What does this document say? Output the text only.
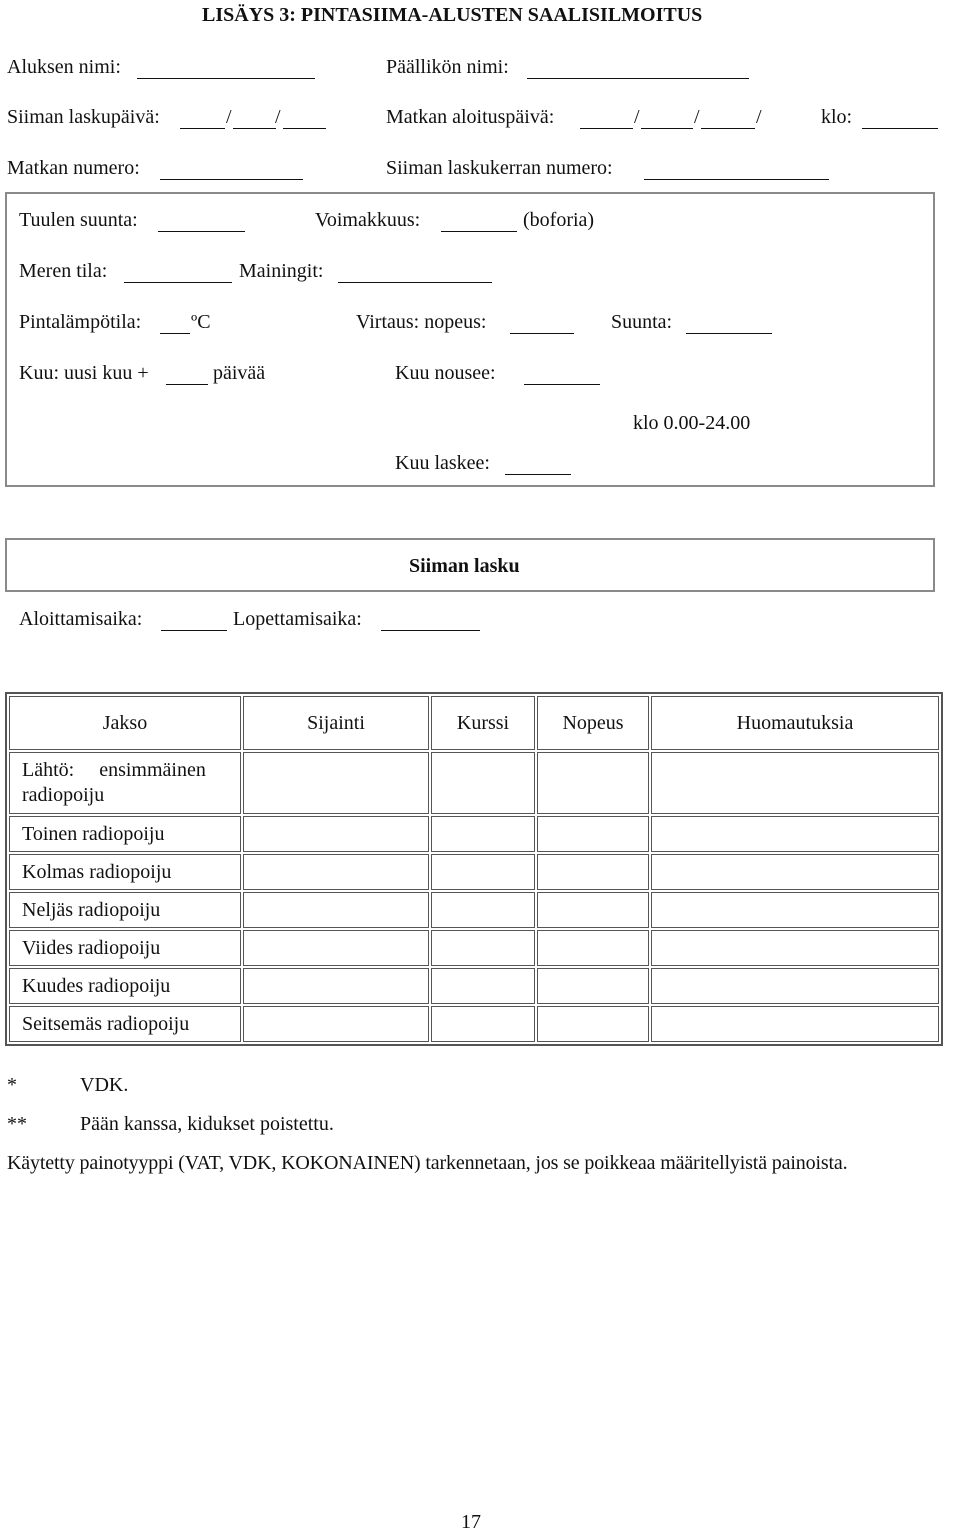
LISÄYS 3: PINTASIIMA-ALUSTEN SAALISILMOITUS
Aluksen nimi:	Päällikön nimi:
Siiman laskupäivä:	/ /	Matkan aloituspäivä:	/	/	/	klo:
Matkan numero:	Siiman laskukerran numero:
Tuulen suunta:	Voimakkuus:	(boforia)
Meren tila:	Mainingit:
Pintalämpötila: ºC	Virtaus: nopeus:	Suunta:
Kuu: uusi kuu +	päivää	Kuu nousee:
klo 0.00-24.00
Kuu laskee:
Siiman lasku
Aloittamisaika:	Lopettamisaika:
Jakso	Sijainti	Kurssi	Nopeus	Huomautuksia
Lähtö:     ensimmäinen radiopoiju				
Toinen radiopoiju				
Kolmas radiopoiju				
Neljäs radiopoiju				
Viides radiopoiju				
Kuudes radiopoiju				
Seitsemäs radiopoiju				
*	VDK.
**	Pään kanssa, kidukset poistettu.
Käytetty painotyyppi (VAT, VDK, KOKONAINEN) tarkennetaan, jos se poikkeaa määritellyistä painoista.
17
